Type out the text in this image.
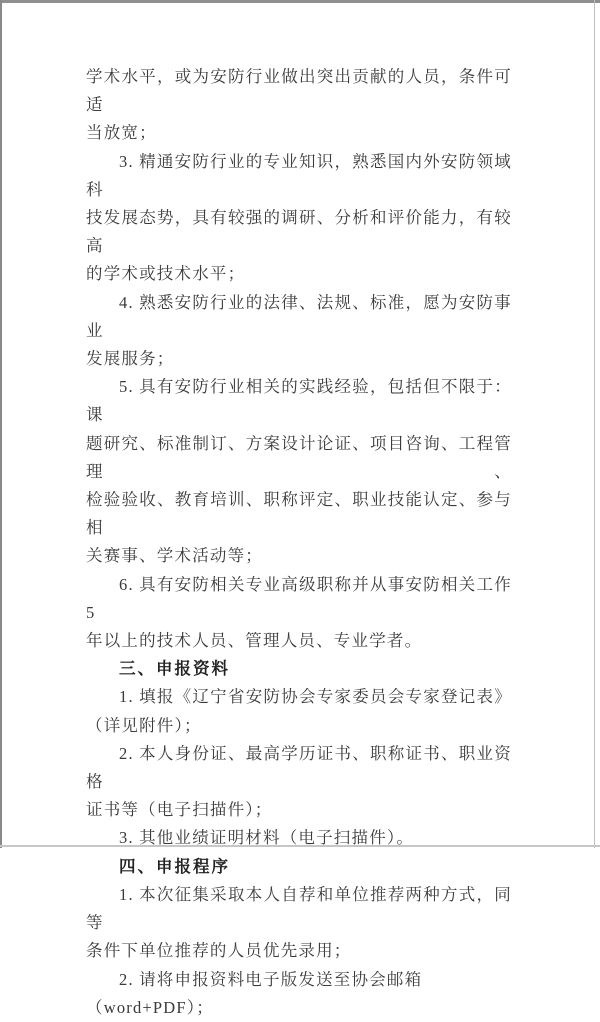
学术水平，或为安防行业做出突出贡献的人员，条件可适
当放宽；
3. 精通安防行业的专业知识，熟悉国内外安防领域科
技发展态势，具有较强的调研、分析和评价能力，有较高
的学术或技术水平；
4. 熟悉安防行业的法律、法规、标准，愿为安防事业
发展服务；
5. 具有安防行业相关的实践经验，包括但不限于：课
题研究、标准制订、方案设计论证、项目咨询、工程管理、
检验验收、教育培训、职称评定、职业技能认定、参与相
关赛事、学术活动等；
6. 具有安防相关专业高级职称并从事安防相关工作 5
年以上的技术人员、管理人员、专业学者。
三、申报资料
1. 填报《辽宁省安防协会专家委员会专家登记表》
（详见附件）；
2. 本人身份证、最高学历证书、职称证书、职业资格
证书等（电子扫描件）；
3. 其他业绩证明材料（电子扫描件）。
四、申报程序
1. 本次征集采取本人自荐和单位推荐两种方式，同等
条件下单位推荐的人员优先录用；
2. 请将申报资料电子版发送至协会邮箱（word+PDF）；
